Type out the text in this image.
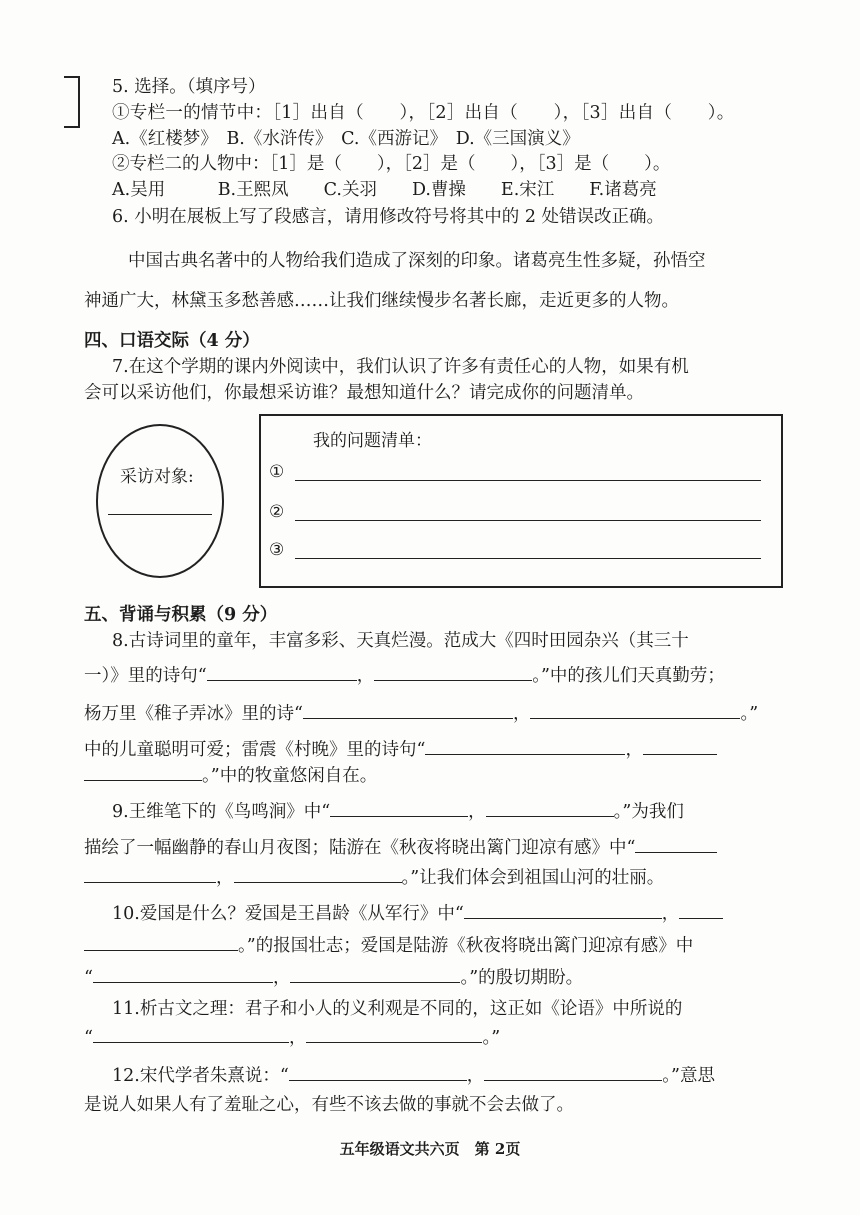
5. 选择。（填序号）
①专栏一的情节中：［1］出自（　　），［2］出自（　　），［3］出自（　　）。
A.《红楼梦》　B.《水浒传》　C.《西游记》　D.《三国演义》
②专栏二的人物中：［1］是（　　），［2］是（　　），［3］是（　　）。
A.吴用　　　B.王熙凤　　C.关羽　　D.曹操　　E.宋江　　F.诸葛亮
6. 小明在展板上写了段感言，请用修改符号将其中的 2 处错误改正确。
中国古典名著中的人物给我们造成了深刻的印象。诸葛亮生性多疑，孙悟空
神通广大，林黛玉多愁善感……让我们继续慢步名著长廊，走近更多的人物。
四、口语交际（4 分）
7.在这个学期的课内外阅读中，我们认识了许多有责任心的人物，如果有机
会可以采访他们，你最想采访谁？最想知道什么？请完成你的问题清单。
采访对象:
我的问题清单：
①
②
③
五、背诵与积累（9 分）
8.古诗词里的童年，丰富多彩、天真烂漫。范成大《四时田园杂兴（其三十
一）》里的诗句“	，	。”中的孩儿们天真勤劳；
杨万里《稚子弄冰》里的诗“	，	。”
中的儿童聪明可爱；雷震《村晚》里的诗句“	，
。”中的牧童悠闲自在。
9.王维笔下的《鸟鸣涧》中“	，	。”为我们
描绘了一幅幽静的春山月夜图；陆游在《秋夜将晓出篱门迎凉有感》中“
，	。”让我们体会到祖国山河的壮丽。
10.爱国是什么？爱国是王昌龄《从军行》中“	，
。”的报国壮志；爱国是陆游《秋夜将晓出篱门迎凉有感》中
“	，	。”的殷切期盼。
11.析古文之理：君子和小人的义利观是不同的，这正如《论语》中所说的
“	，	。”
12.宋代学者朱熹说：“	，	。”意思
是说人如果人有了羞耻之心，有些不该去做的事就不会去做了。
五年级语文共六页　第 2页
